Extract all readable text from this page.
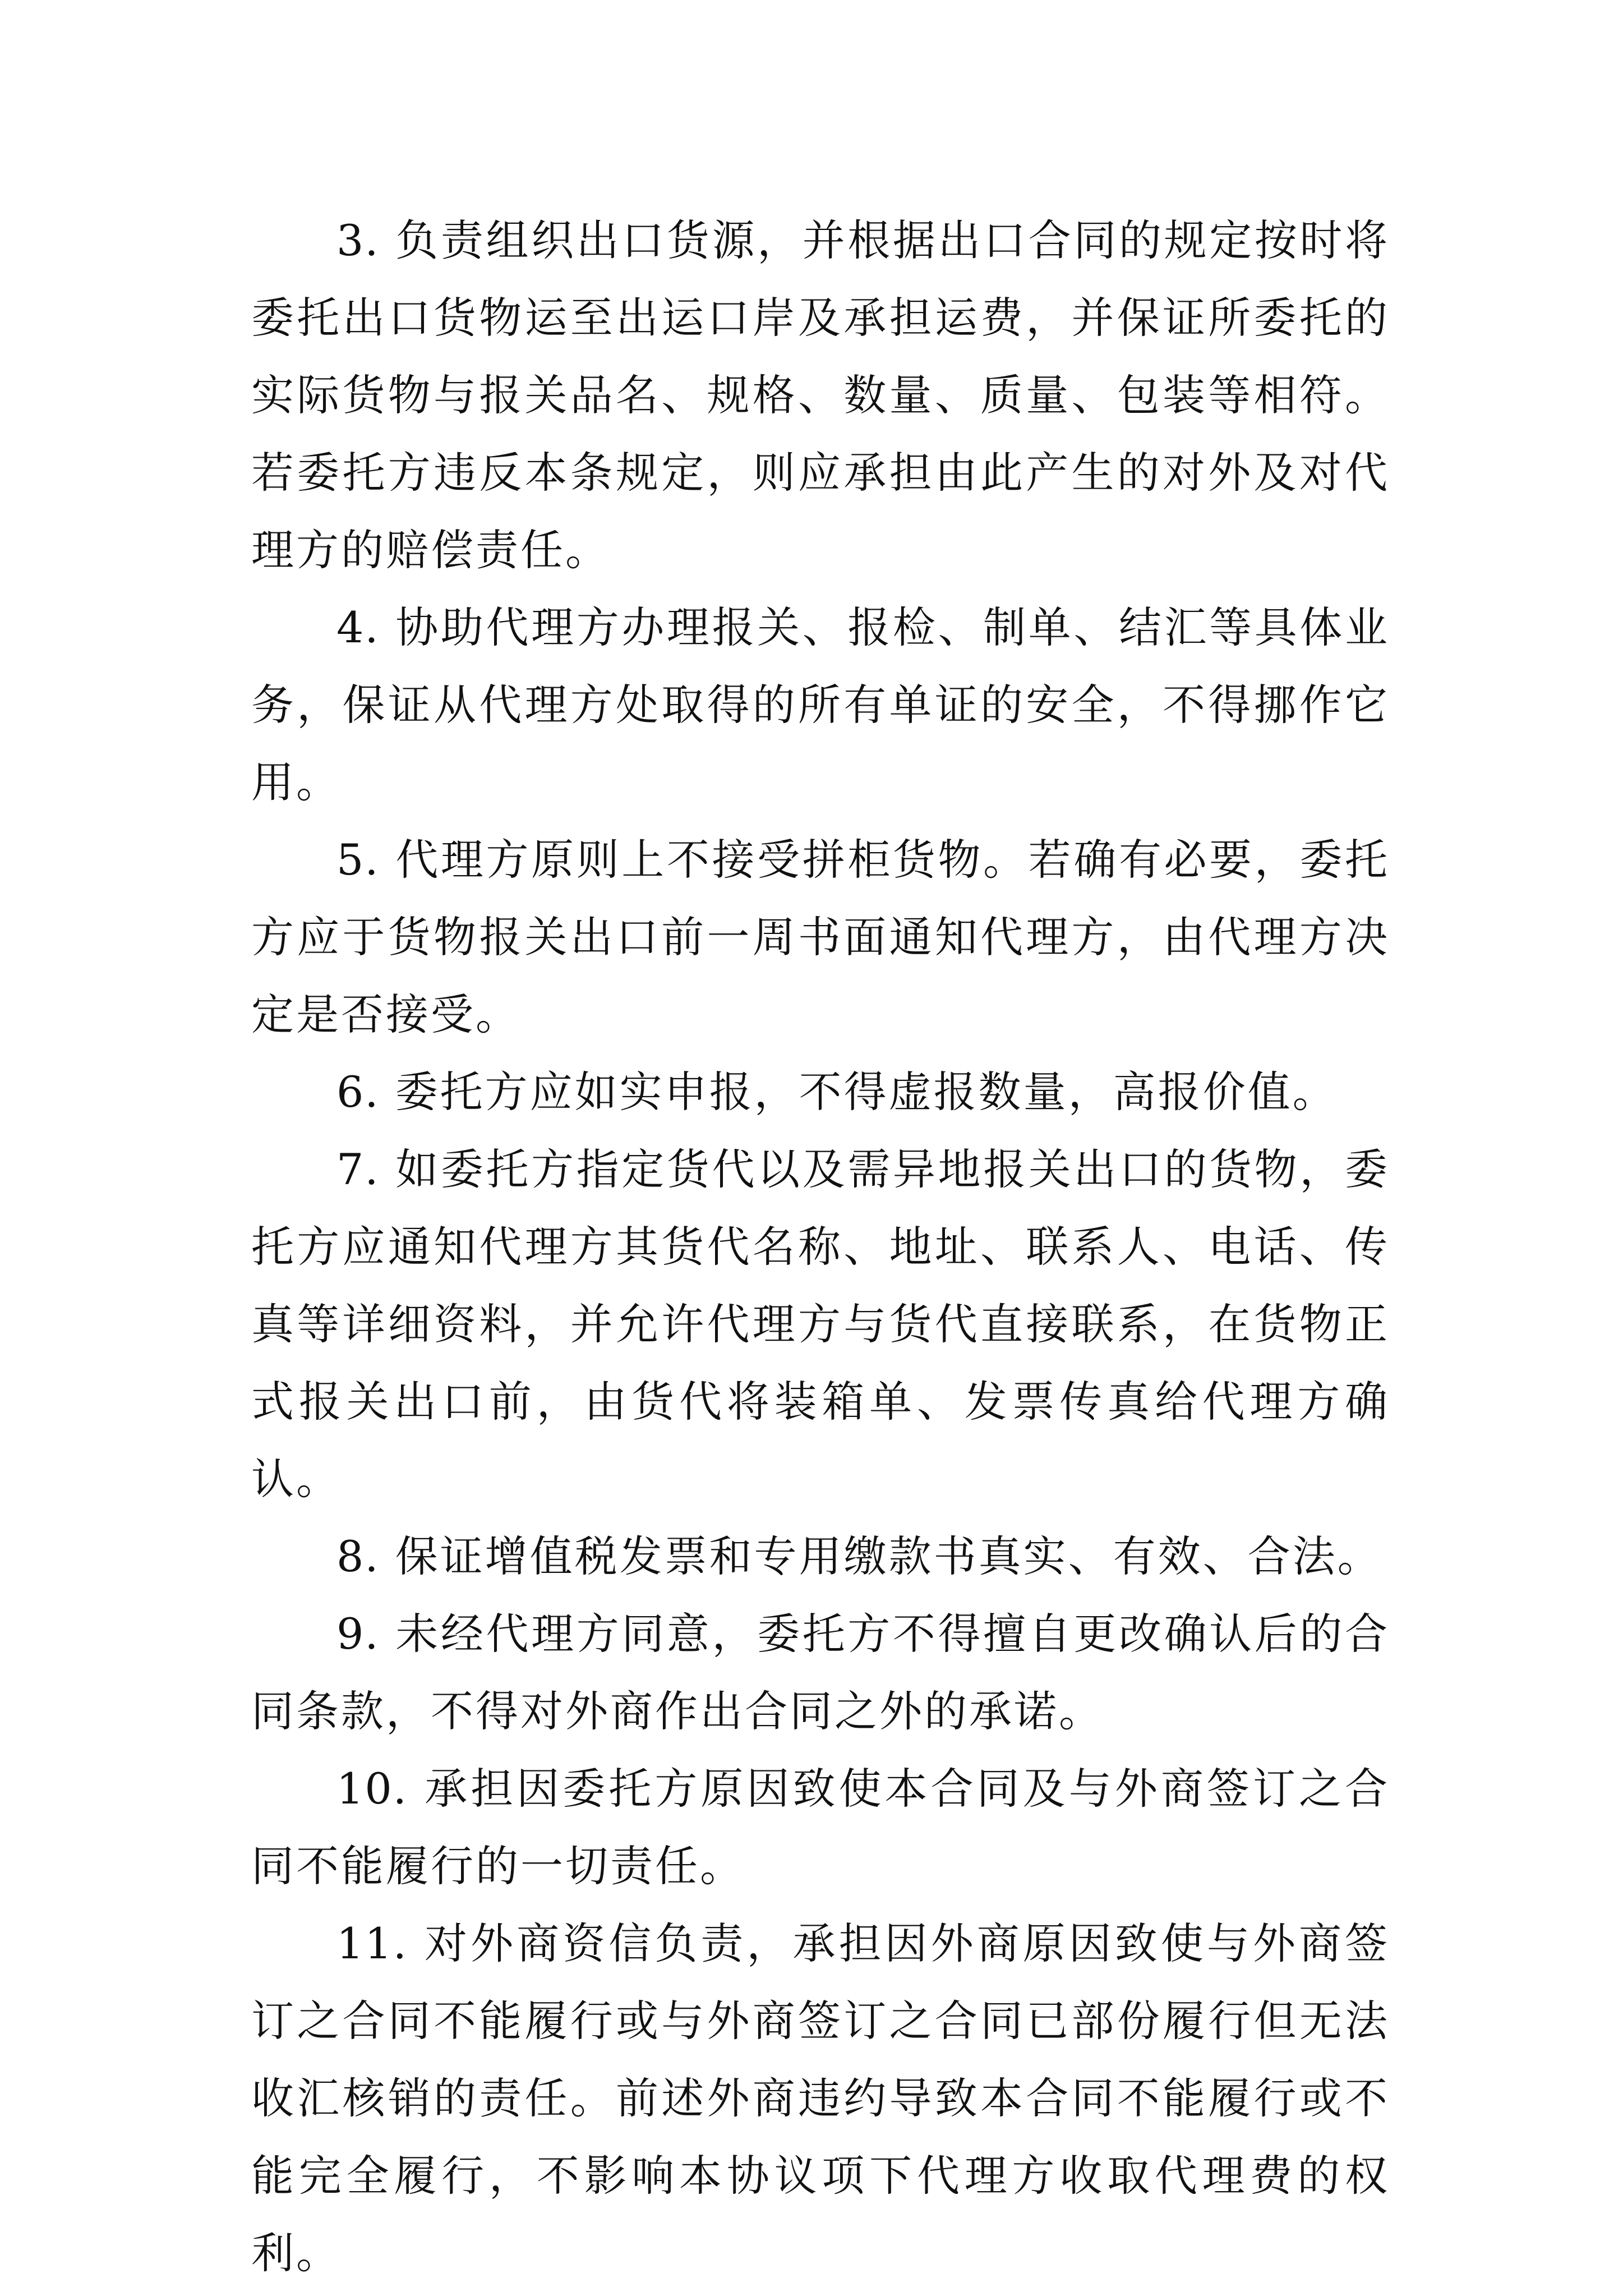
3. 负责组织出口货源，并根据出口合同的规定按时将委托出口货物运至出运口岸及承担运费，并保证所委托的实际货物与报关品名、规格、数量、质量、包装等相符。若委托方违反本条规定，则应承担由此产生的对外及对代理方的赔偿责任。

4. 协助代理方办理报关、报检、制单、结汇等具体业务，保证从代理方处取得的所有单证的安全，不得挪作它用。

5. 代理方原则上不接受拼柜货物。若确有必要，委托方应于货物报关出口前一周书面通知代理方，由代理方决定是否接受。

6. 委托方应如实申报，不得虚报数量，高报价值。

7. 如委托方指定货代以及需异地报关出口的货物，委托方应通知代理方其货代名称、地址、联系人、电话、传真等详细资料，并允许代理方与货代直接联系，在货物正式报关出口前，由货代将装箱单、发票传真给代理方确认。

8. 保证增值税发票和专用缴款书真实、有效、合法。

9. 未经代理方同意，委托方不得擅自更改确认后的合同条款，不得对外商作出合同之外的承诺。

10. 承担因委托方原因致使本合同及与外商签订之合同不能履行的一切责任。

11. 对外商资信负责，承担因外商原因致使与外商签订之合同不能履行或与外商签订之合同已部份履行但无法收汇核销的责任。前述外商违约导致本合同不能履行或不能完全履行，不影响本协议项下代理方收取代理费的权利。
